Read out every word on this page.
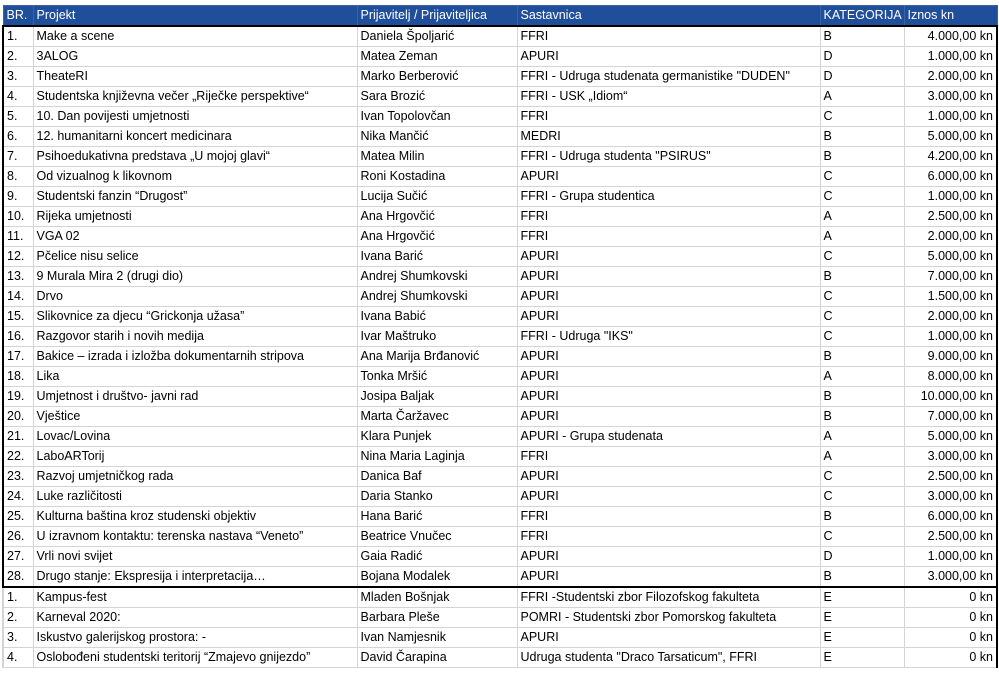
BR.	Projekt	Prijavitelj / Prijaviteljica	Sastavnica	KATEGORIJA	Iznos kn
1.	Make a scene	Daniela Špoljarić	FFRI	B	4.000,00 kn
2.	3ALOG	Matea Zeman	APURI	D	1.000,00 kn
3.	TheateRI	Marko Berberović	FFRI - Udruga studenata germanistike "DUDEN"	D	2.000,00 kn
4.	Studentska književna večer „Riječke perspektive“	Sara Brozić	FFRI - USK „Idiom“	A	3.000,00 kn
5.	10. Dan povijesti umjetnosti	Ivan Topolovčan	FFRI	C	1.000,00 kn
6.	12. humanitarni koncert medicinara	Nika Mančić	MEDRI	B	5.000,00 kn
7.	Psihoedukativna predstava „U mojoj glavi“	Matea Milin	FFRI - Udruga studenta "PSIRUS"	B	4.200,00 kn
8.	Od vizualnog k likovnom	Roni Kostadina	APURI	C	6.000,00 kn
9.	Studentski fanzin “Drugost”	Lucija Sučić	FFRI - Grupa studentica	C	1.000,00 kn
10.	Rijeka umjetnosti	Ana Hrgovčić	FFRI	A	2.500,00 kn
11.	VGA 02	Ana Hrgovčić	FFRI	A	2.000,00 kn
12.	Pčelice nisu selice	Ivana Barić	APURI	C	5.000,00 kn
13.	9 Murala Mira 2 (drugi dio)	Andrej Shumkovski	APURI	B	7.000,00 kn
14.	Drvo	Andrej Shumkovski	APURI	C	1.500,00 kn
15.	Slikovnice za djecu “Grickonja užasa”	Ivana Babić	APURI	C	2.000,00 kn
16.	Razgovor starih i novih medija	Ivar Maštruko	FFRI - Udruga "IKS"	C	1.000,00 kn
17.	Bakice – izrada i izložba dokumentarnih stripova	Ana Marija Brđanović	APURI	B	9.000,00 kn
18.	Lika	Tonka Mršić	APURI	A	8.000,00 kn
19.	Umjetnost i društvo- javni rad	Josipa Baljak	APURI	B	10.000,00 kn
20.	Vještice	Marta Čaržavec	APURI	B	7.000,00 kn
21.	Lovac/Lovina	Klara Punjek	APURI - Grupa studenata	A	5.000,00 kn
22.	LaboARTorij	Nina Maria Laginja	FFRI	A	3.000,00 kn
23.	Razvoj umjetničkog rada	Danica Baf	APURI	C	2.500,00 kn
24.	Luke različitosti	Daria Stanko	APURI	C	3.000,00 kn
25.	Kulturna baština kroz studenski objektiv	Hana Barić	FFRI	B	6.000,00 kn
26.	U izravnom kontaktu: terenska nastava “Veneto”	Beatrice Vnučec	FFRI	C	2.500,00 kn
27.	Vrli novi svijet	Gaia Radić	APURI	D	1.000,00 kn
28.	Drugo stanje: Ekspresija i interpretacija…	Bojana Modalek	APURI	B	3.000,00 kn
1.	Kampus-fest	Mladen Bošnjak	FFRI -Studentski zbor Filozofskog fakulteta	E	0 kn
2.	Karneval 2020:	Barbara Pleše	POMRI - Studentski zbor Pomorskog fakulteta	E	0 kn
3.	Iskustvo galerijskog prostora: -	Ivan Namjesnik	APURI	E	0 kn
4.	Oslobođeni studentski teritorij “Zmajevo gnijezdo”	David Čarapina	Udruga studenta "Draco Tarsaticum", FFRI	E	0 kn
